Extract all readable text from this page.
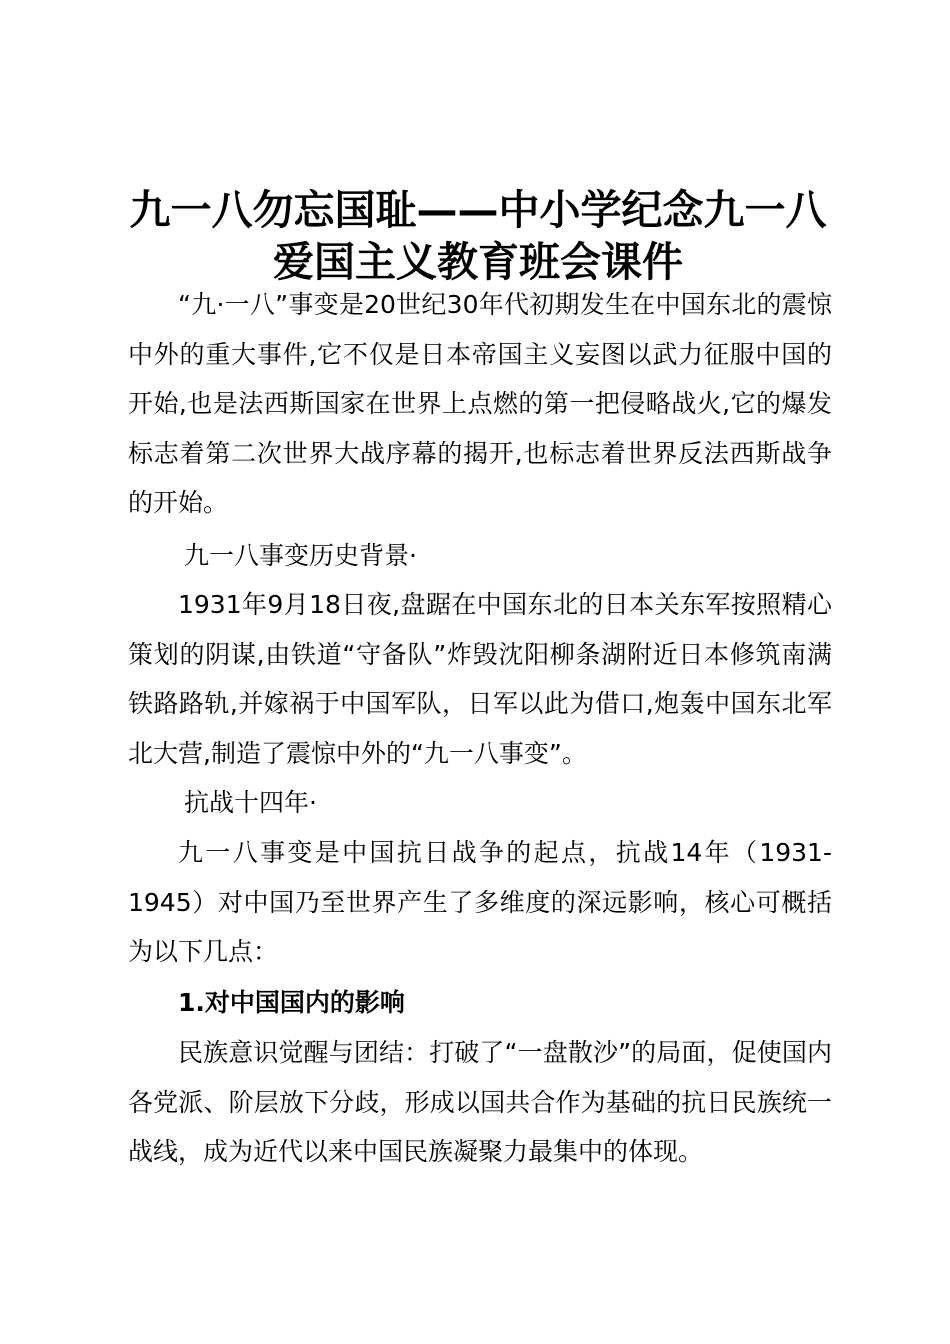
九一八勿忘国耻——中小学纪念九一八
爱国主义教育班会课件

“九·一八”事变是20世纪30年代初期发生在中国东北的震惊中外的重大事件,它不仅是日本帝国主义妄图以武力征服中国的开始,也是法西斯国家在世界上点燃的第一把侵略战火,它的爆发标志着第二次世界大战序幕的揭开,也标志着世界反法西斯战争的开始。

九一八事变历史背景·

1931年9月18日夜,盘踞在中国东北的日本关东军按照精心策划的阴谋,由铁道“守备队”炸毁沈阳柳条湖附近日本修筑南满铁路路轨,并嫁祸于中国军队，日军以此为借口,炮轰中国东北军北大营,制造了震惊中外的“九一八事变”。

抗战十四年·

九一八事变是中国抗日战争的起点，抗战14年（1931-1945）对中国乃至世界产生了多维度的深远影响，核心可概括为以下几点：

1.对中国国内的影响

民族意识觉醒与团结：打破了“一盘散沙”的局面，促使国内各党派、阶层放下分歧，形成以国共合作为基础的抗日民族统一战线，成为近代以来中国民族凝聚力最集中的体现。
